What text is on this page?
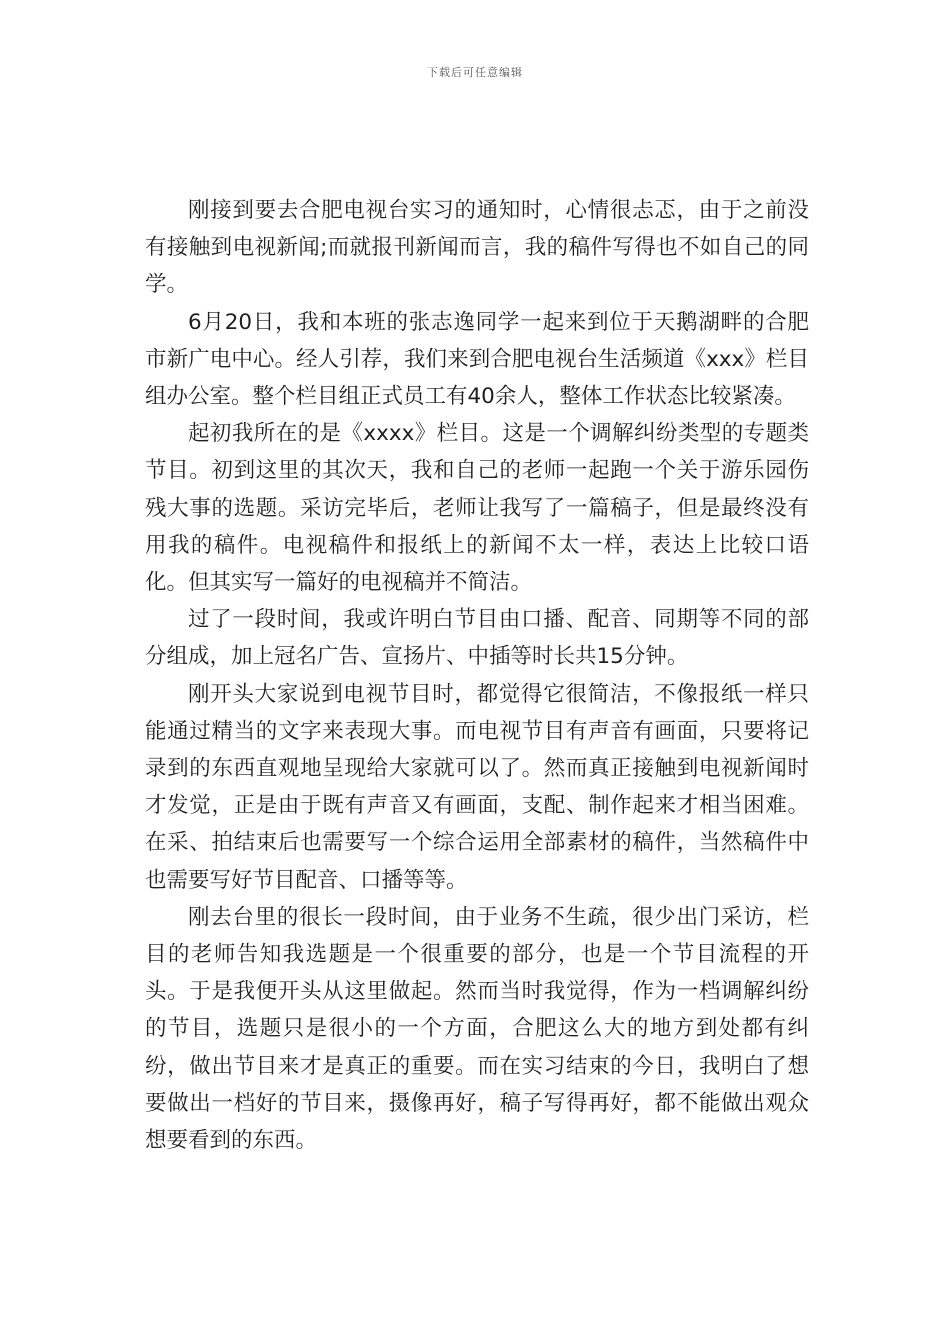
下载后可任意编辑

刚接到要去合肥电视台实习的通知时，心情很忐忑，由于之前没有接触到电视新闻;而就报刊新闻而言，我的稿件写得也不如自己的同学。

6月20日，我和本班的张志逸同学一起来到位于天鹅湖畔的合肥市新广电中心。经人引荐，我们来到合肥电视台生活频道《xxx》栏目组办公室。整个栏目组正式员工有40余人，整体工作状态比较紧凑。

起初我所在的是《xxxx》栏目。这是一个调解纠纷类型的专题类节目。初到这里的其次天，我和自己的老师一起跑一个关于游乐园伤残大事的选题。采访完毕后，老师让我写了一篇稿子，但是最终没有用我的稿件。电视稿件和报纸上的新闻不太一样，表达上比较口语化。但其实写一篇好的电视稿并不简洁。

过了一段时间，我或许明白节目由口播、配音、同期等不同的部分组成，加上冠名广告、宣扬片、中插等时长共15分钟。

刚开头大家说到电视节目时，都觉得它很简洁，不像报纸一样只能通过精当的文字来表现大事。而电视节目有声音有画面，只要将记录到的东西直观地呈现给大家就可以了。然而真正接触到电视新闻时才发觉，正是由于既有声音又有画面，支配、制作起来才相当困难。在采、拍结束后也需要写一个综合运用全部素材的稿件，当然稿件中也需要写好节目配音、口播等等。

刚去台里的很长一段时间，由于业务不生疏，很少出门采访，栏目的老师告知我选题是一个很重要的部分，也是一个节目流程的开头。于是我便开头从这里做起。然而当时我觉得，作为一档调解纠纷的节目，选题只是很小的一个方面，合肥这么大的地方到处都有纠纷，做出节目来才是真正的重要。而在实习结束的今日，我明白了想要做出一档好的节目来，摄像再好，稿子写得再好，都不能做出观众想要看到的东西。
